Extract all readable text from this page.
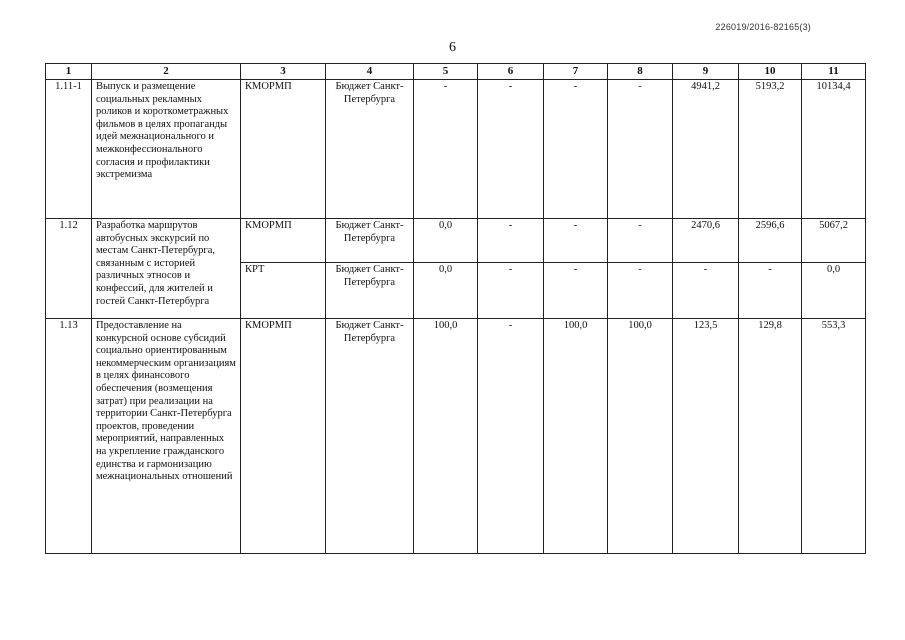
226019/2016-82165(3)
6
1	2	3	4	5	6	7	8	9	10	11
1.11-1	Выпуск и размещение социальных рекламных роликов и короткометражных фильмов в целях пропаганды идей межнационального и межконфессионального согласия и профилактики экстремизма	КМОРМП	Бюджет Санкт-Петербурга	-	-	-	-	4941,2	5193,2	10134,4
1.12	Разработка маршрутов автобусных экскурсий по местам Санкт-Петербурга, связанным с историей различных этносов и конфессий, для жителей и гостей Санкт-Петербурга	КМОРМП	Бюджет Санкт-Петербурга	0,0	-	-	-	2470,6	2596,6	5067,2
		КРТ	Бюджет Санкт-Петербурга	0,0	-	-	-	-	-	0,0
1.13	Предоставление на конкурсной основе субсидий социально ориентированным некоммерческим организациям в целях финансового обеспечения (возмещения затрат) при реализации на территории Санкт-Петербурга проектов, проведении мероприятий, направленных на укрепление гражданского единства и гармонизацию межнациональных отношений	КМОРМП	Бюджет Санкт-Петербурга	100,0	-	100,0	100,0	123,5	129,8	553,3
